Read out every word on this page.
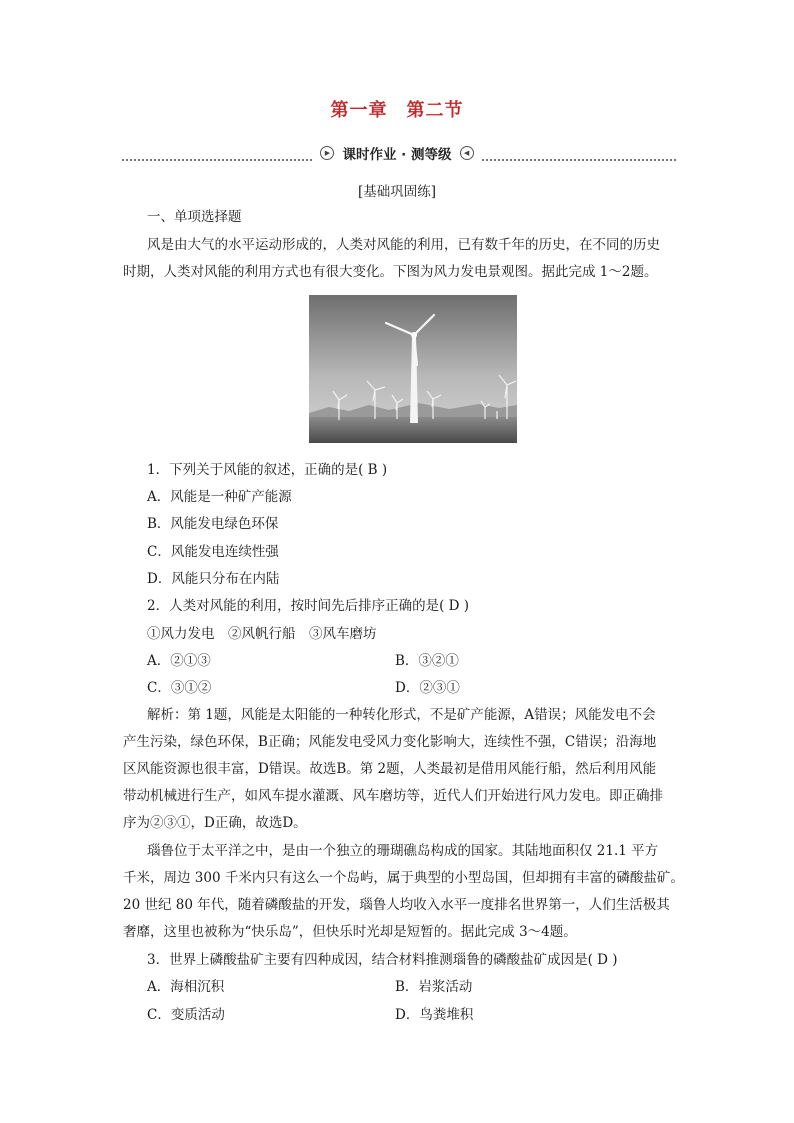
第一章　第二节
▶ 课时作业 · 测等级	◀
[基础巩固练]
一、单项选择题
风是由大气的水平运动形成的，人类对风能的利用，已有数千年的历史，在不同的历史
时期，人类对风能的利用方式也有很大变化。下图为风力发电景观图。据此完成 1～2题。
1．下列关于风能的叙述，正确的是( B )
A．风能是一种矿产能源
B．风能发电绿色环保
C．风能发电连续性强
D．风能只分布在内陆
2．人类对风能的利用，按时间先后排序正确的是( D )
①风力发电　②风帆行船　③风车磨坊
A．②①③	B．③②①
C．③①②	D．②③①
解析：第 1题，风能是太阳能的一种转化形式，不是矿产能源，A错误；风能发电不会
产生污染，绿色环保，B正确；风能发电受风力变化影响大，连续性不强，C错误；沿海地
区风能资源也很丰富，D错误。故选B。第 2题，人类最初是借用风能行船，然后利用风能
带动机械进行生产，如风车提水灌溉、风车磨坊等，近代人们开始进行风力发电。即正确排
序为②③①，D正确，故选D。
瑙鲁位于太平洋之中，是由一个独立的珊瑚礁岛构成的国家。其陆地面积仅 21.1 平方
千米，周边 300 千米内只有这么一个岛屿，属于典型的小型岛国，但却拥有丰富的磷酸盐矿。
20 世纪 80 年代，随着磷酸盐的开发，瑙鲁人均收入水平一度排名世界第一，人们生活极其
奢靡，这里也被称为“快乐岛”，但快乐时光却是短暂的。据此完成 3～4题。
3．世界上磷酸盐矿主要有四种成因，结合材料推测瑙鲁的磷酸盐矿成因是( D )
A．海相沉积	B．岩浆活动
C．变质活动	D．鸟粪堆积
